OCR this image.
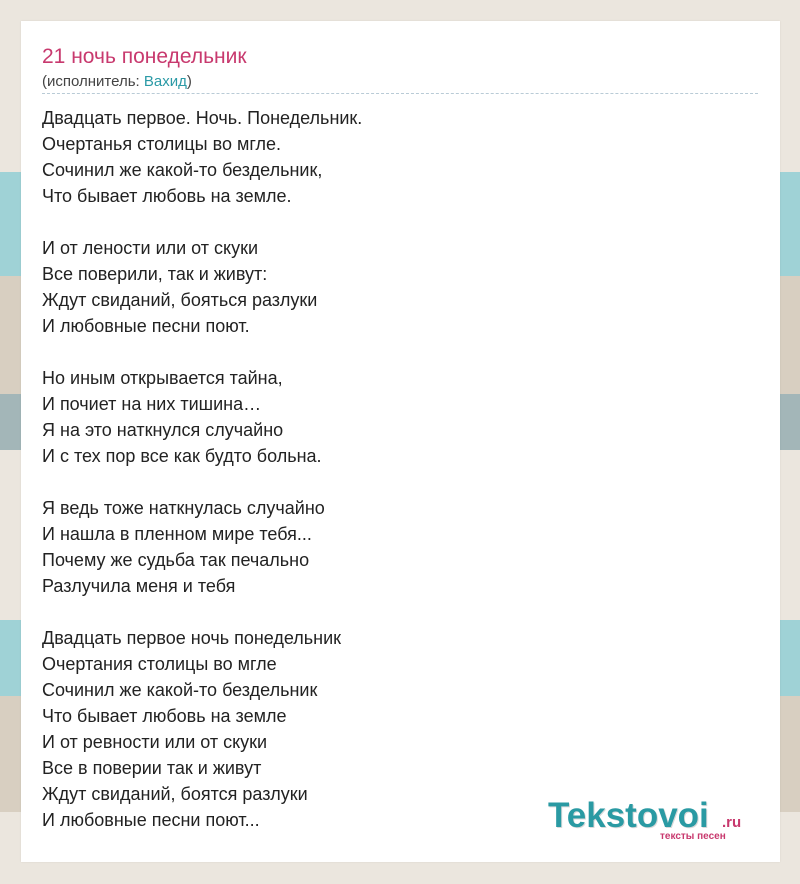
21 ночь понедельник
(исполнитель: Вахид)
Двадцать первое. Ночь. Понедельник.
Очертанья столицы во мгле.
Сочинил же какой-то бездельник,
Что бывает любовь на земле.
И от лености или от скуки
Все поверили, так и живут:
Ждут свиданий, бояться разлуки
И любовные песни поют.
Но иным открывается тайна,
И почиет на них тишина…
Я на это наткнулся случайно
И с тех пор все как будто больна.
Я ведь тоже наткнулась случайно
И нашла в пленном мире тебя...
Почему же судьба так печально
Разлучила меня и тебя
Двадцать первое ночь понедельник
Очертания столицы во мгле
Сочинил же какой-то бездельник
Что бывает любовь на земле
И от ревности или от скуки
Все в поверии так и живут
Ждут свиданий, боятся разлуки
И любовные песни поют...	Tekstovoi .ru
тексты песен
